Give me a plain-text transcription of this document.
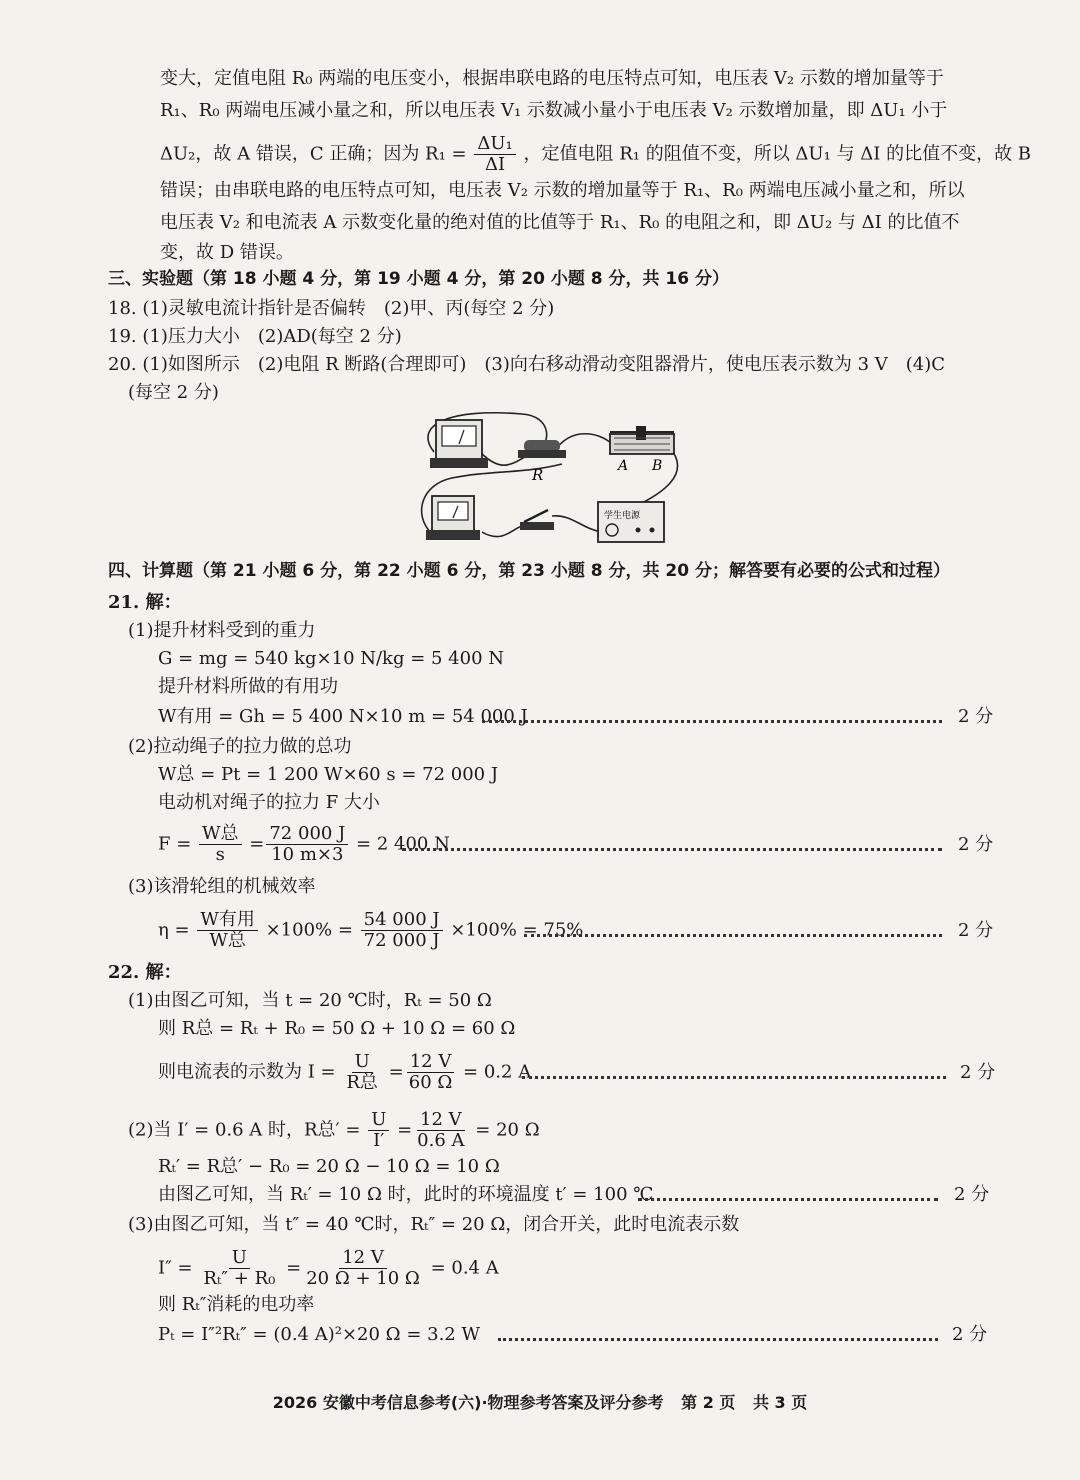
变大，定值电阻 R₀ 两端的电压变小，根据串联电路的电压特点可知，电压表 V₂ 示数的增加量等于
R₁、R₀ 两端电压减小量之和，所以电压表 V₁ 示数减小量小于电压表 V₂ 示数增加量，即 ΔU₁ 小于
ΔU₂，故 A 错误，C 正确；因为 $R_1 = \frac{\text{ΔU₁}}{\Delta I}$ ，定值电阻 R₁ 的阻值不变，所以 ΔU₁ 与 ΔI 的比值不变，故 B
错误；由串联电路的电压特点可知，电压表 V₂ 示数的增加量等于 R₁、R₀ 两端电压减小量之和，所以
电压表 V₂ 和电流表 A 示数变化量的绝对值的比值等于 R₁、R₀ 的电阻之和，即 ΔU₂ 与 ΔI 的比值不
变，故 D 错误。
三、实验题（第 18 小题 4 分，第 19 小题 4 分，第 20 小题 8 分，共 16 分）
18. (1)灵敏电流计指针是否偏转　(2)甲、丙(每空 2 分)
19. (1)压力大小　(2)AD(每空 2 分)
20. (1)如图所示　(2)电阻 R 断路(合理即可)　(3)向右移动滑动变阻器滑片，使电压表示数为 3 V　(4)C
(每空 2 分)
R	A B
学生电源
四、计算题（第 21 小题 6 分，第 22 小题 6 分，第 23 小题 8 分，共 20 分；解答要有必要的公式和过程）
21. 解：
(1)提升材料受到的重力
G = mg = 540 kg×10 N/kg = 5 400 N
提升材料所做的有用功
W有用 = Gh = 5 400 N×10 m = 54 000 J	2 分
(2)拉动绳子的拉力做的总功
W总 = Pt = 1 200 W×60 s = 72 000 J
电动机对绳子的拉力 F 大小
$F = \frac{\text{W总}}{s} = \frac{72 000 J}{10 m\times 3} = 2$ 400 N	2 分
(3)该滑轮组的机械效率
$\eta = \frac{\text{W有用}}{\text{W总}} \times 100\% = \frac{54 000 J}{72 000 J} \times 100\% = 75\%$	2 分
22. 解：
(1)由图乙可知，当 t = 20 ℃时，Rₜ = 50 Ω
则 R总 = Rₜ + R₀ = 50 Ω + 10 Ω = 60 Ω
则电流表的示数为 $I = \frac{U}{\text{R总}} = \frac{12 V}{60 \Omega} = 0.2$ A	2 分
(2)当 I′ = 0.6 A 时，R总′ = $\frac{U}{I'} = \frac{12 V}{0.6 A} = 20$ Ω
Rₜ′ = R总′ − R₀ = 20 Ω − 10 Ω = 10 Ω
由图乙可知，当 Rₜ′ = 10 Ω 时，此时的环境温度 t′ = 100 ℃	2 分
(3)由图乙可知，当 t″ = 40 ℃时，Rₜ″ = 20 Ω，闭合开关，此时电流表示数
$I'' = \frac{U}{\text{Rₜ″ + R₀}} = \frac{12 V}{20 \Omega + 10 \Omega} = 0.4$ A
则 Rₜ″消耗的电功率
Pₜ = I″²Rₜ″ = (0.4 A)²×20 Ω = 3.2 W	2 分
2026 安徽中考信息参考(六)·物理参考答案及评分参考 第 2 页 共 3 页
